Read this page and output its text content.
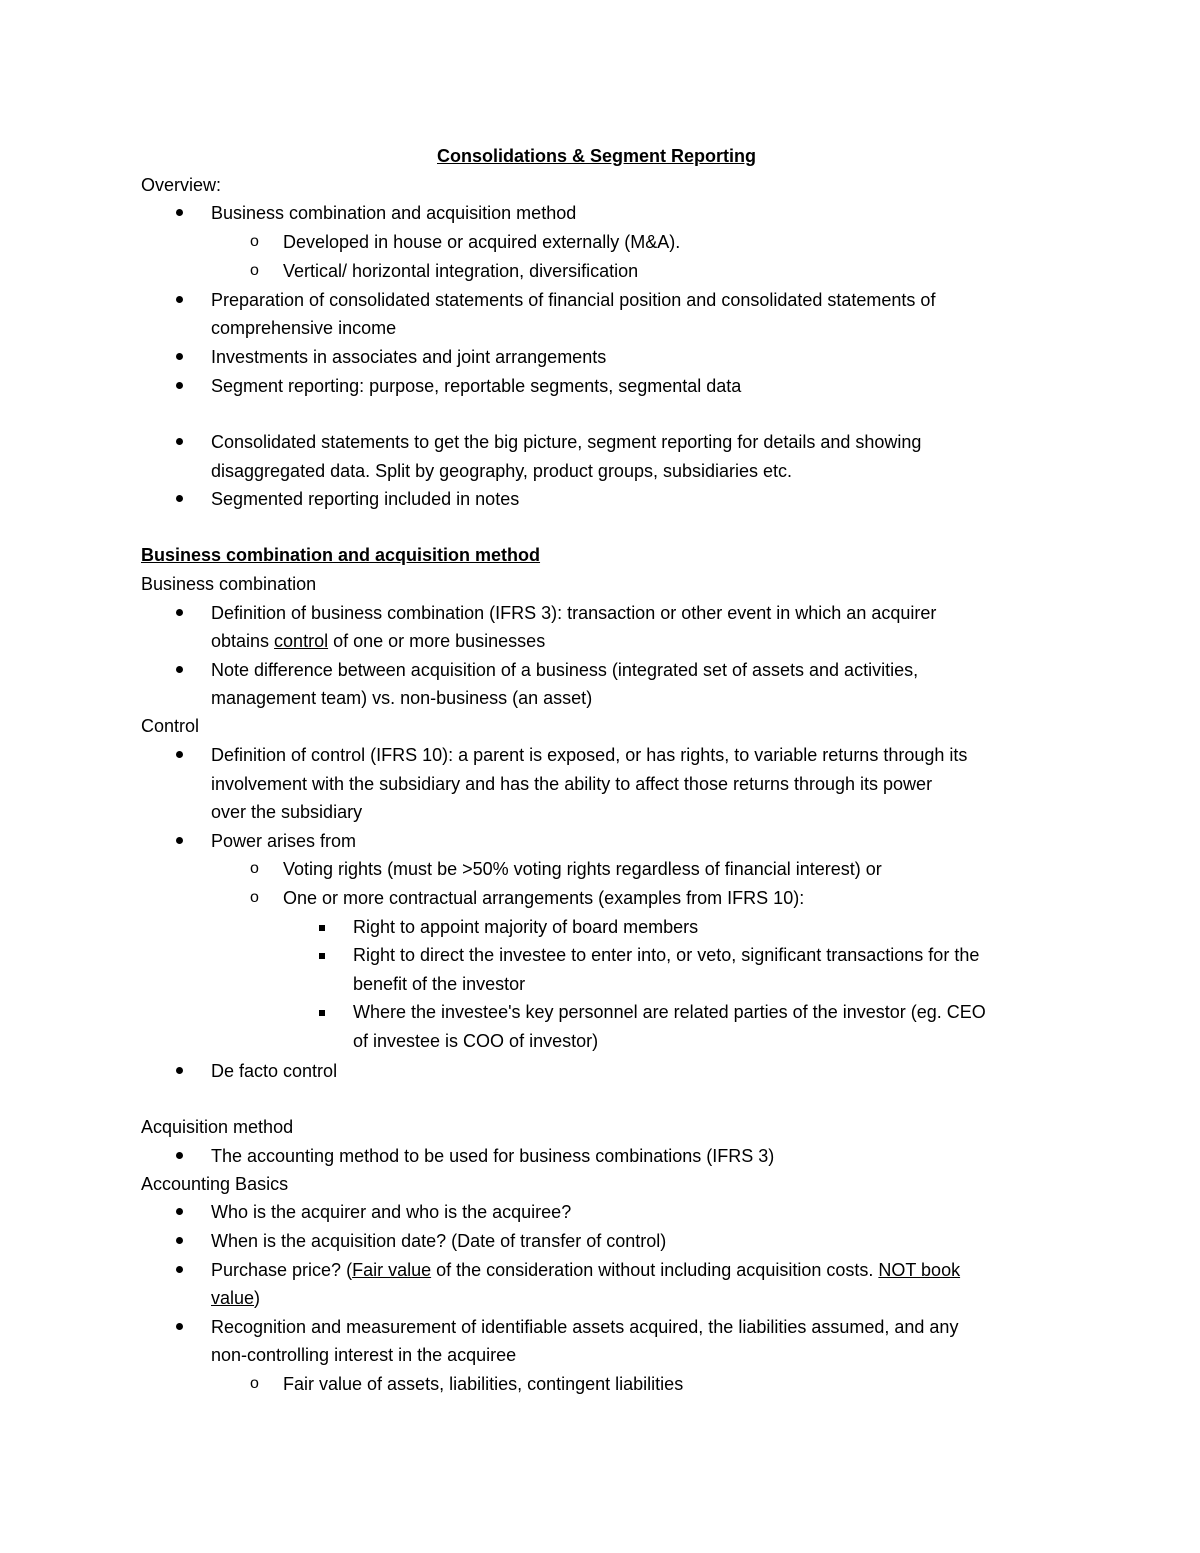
Consolidations & Segment Reporting
Overview:
Business combination and acquisition method
o Developed in house or acquired externally (M&A).
o Vertical/ horizontal integration, diversification
Preparation of consolidated statements of financial position and consolidated statements of
comprehensive income
Investments in associates and joint arrangements
Segment reporting: purpose, reportable segments, segmental data
Consolidated statements to get the big picture, segment reporting for details and showing
disaggregated data. Split by geography, product groups, subsidiaries etc.
Segmented reporting included in notes
Business combination and acquisition method
Business combination
Definition of business combination (IFRS 3): transaction or other event in which an acquirer
obtains control of one or more businesses
Note difference between acquisition of a business (integrated set of assets and activities,
management team) vs. non-business (an asset)
Control
Definition of control (IFRS 10): a parent is exposed, or has rights, to variable returns through its
involvement with the subsidiary and has the ability to affect those returns through its power
over the subsidiary
Power arises from
o Voting rights (must be >50% voting rights regardless of financial interest) or
o One or more contractual arrangements (examples from IFRS 10):
Right to appoint majority of board members
Right to direct the investee to enter into, or veto, significant transactions for the
benefit of the investor
Where the investee's key personnel are related parties of the investor (eg. CEO
of investee is COO of investor)
De facto control
Acquisition method
The accounting method to be used for business combinations (IFRS 3)
Accounting Basics
Who is the acquirer and who is the acquiree?
When is the acquisition date? (Date of transfer of control)
Purchase price? (Fair value of the consideration without including acquisition costs. NOT book
value)
Recognition and measurement of identifiable assets acquired, the liabilities assumed, and any
non-controlling interest in the acquiree
o Fair value of assets, liabilities, contingent liabilities
